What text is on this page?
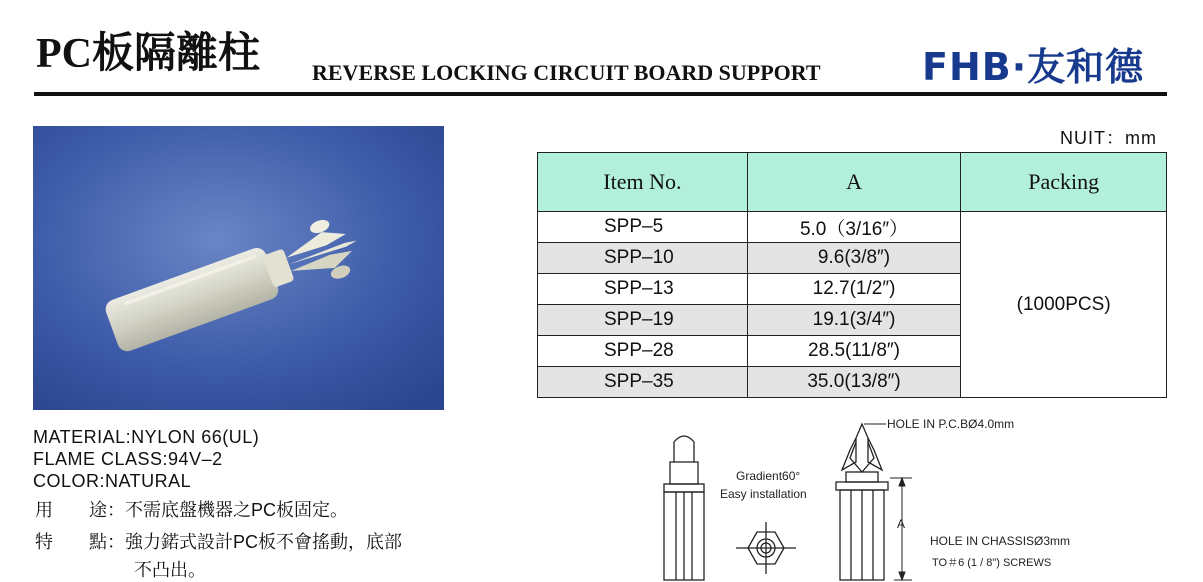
PC板隔離柱 REVERSE LOCKING CIRCUIT BOARD SUPPORT	FHB·友和德
NUIT：mm
Item No.	A	Packing
SPP–5	5.0（3/16″）	(1000PCS)
SPP–10	9.6(3/8″)	
SPP–13	12.7(1/2″)	
SPP–19	19.1(3/4″)	
SPP–28	28.5(11/8″)	
SPP–35	35.0(13/8″)	
MATERIAL:NYLON 66(UL)
FLAME CLASS:94V–2
COLOR:NATURAL
用　　途：不需底盤機器之PC板固定。
特　　點：強力鍩式設計PC板不會搖動，底部
不凸出。
Gradient60°
Easy installation
HOLE IN P.C.BØ4.0mm
A
HOLE IN CHASSISØ3mm
TO＃6 (1 / 8") SCREWS
